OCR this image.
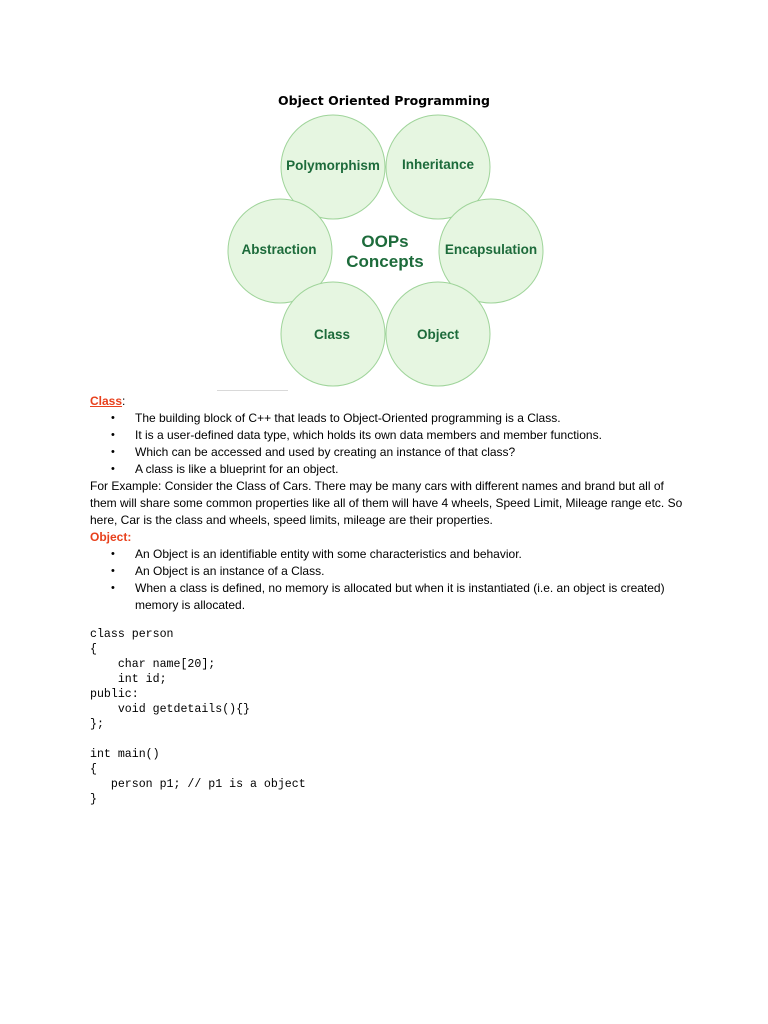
Object Oriented Programming
Polymorphism Inheritance
Abstraction	Encapsulation
Class	Object
OOPs
Concepts
Class:
• The building block of C++ that leads to Object-Oriented programming is a Class.
• It is a user-defined data type, which holds its own data members and member functions.
• Which can be accessed and used by creating an instance of that class?
• A class is like a blueprint for an object.

For Example: Consider the Class of Cars. There may be many cars with different names and brand but all of them will share some common properties like all of them will have 4 wheels, Speed Limit, Mileage range etc. So here, Car is the class and wheels, speed limits, mileage are their properties.

Object:
• An Object is an identifiable entity with some characteristics and behavior.
• An Object is an instance of a Class.
• When a class is defined, no memory is allocated but when it is instantiated (i.e. an object is created) memory is allocated.
class person
{
char name[20];
int id;
public:
void getdetails(){}
};

int main()
{
person p1; // p1 is a object
}
